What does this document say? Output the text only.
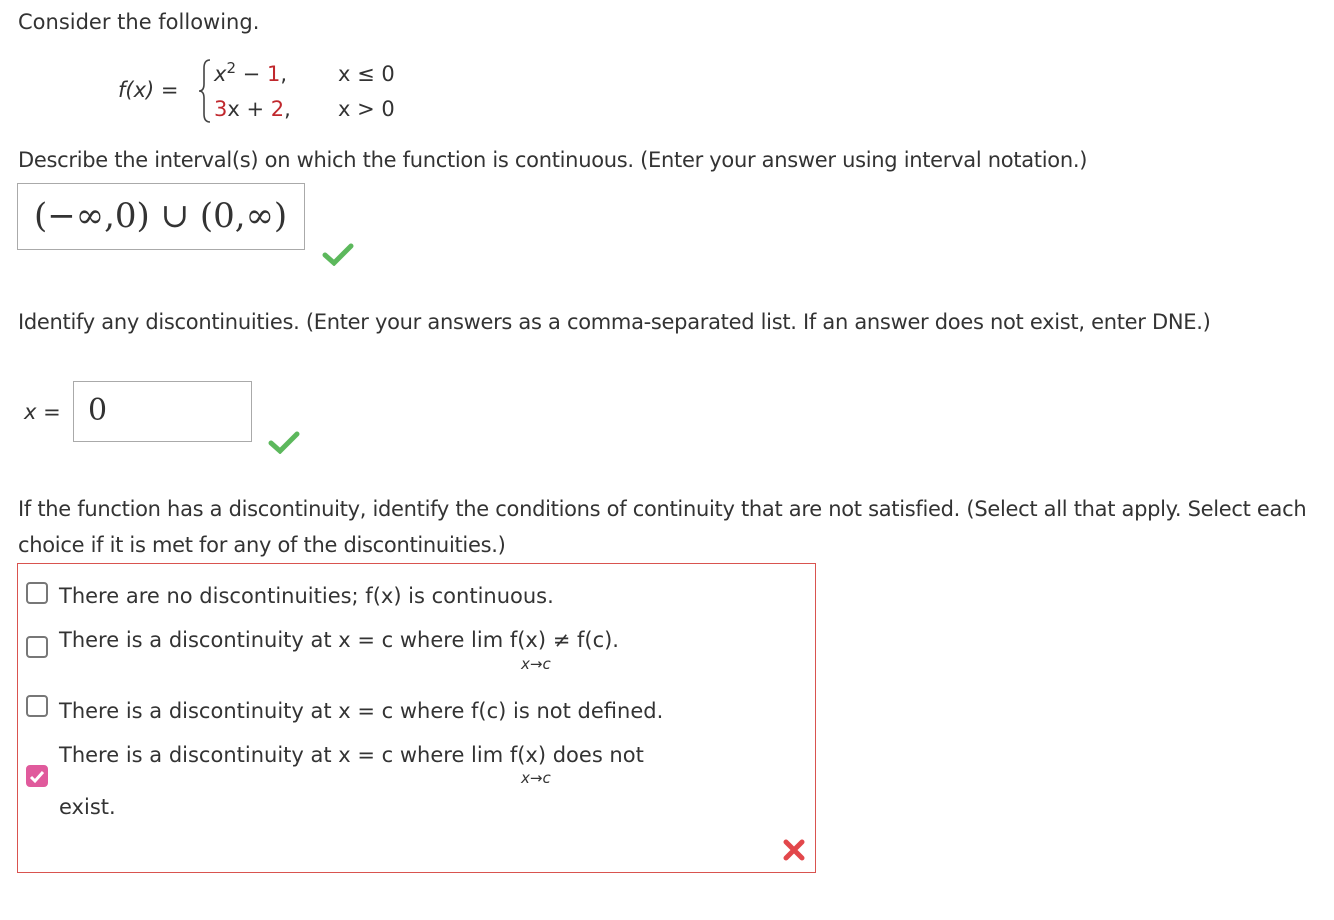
Consider the following.
f(x) =
$x^2 - 1$, x ≤ 0
3x + 2, x > 0
Describe the interval(s) on which the function is continuous. (Enter your answer using interval notation.)
(−∞,0) ∪ (0,∞)
Identify any discontinuities. (Enter your answers as a comma-separated list. If an answer does not exist, enter DNE.)
x = 0
If the function has a discontinuity, identify the conditions of continuity that are not satisfied. (Select all that apply. Select each choice if it is met for any of the discontinuities.)
There are no discontinuities; f(x) is continuous.
There is a discontinuity at x = c where lim f(x) ≠ f(c).
x→c
There is a discontinuity at x = c where f(c) is not defined.
There is a discontinuity at x = c where lim f(x) does not
x→c
exist.
